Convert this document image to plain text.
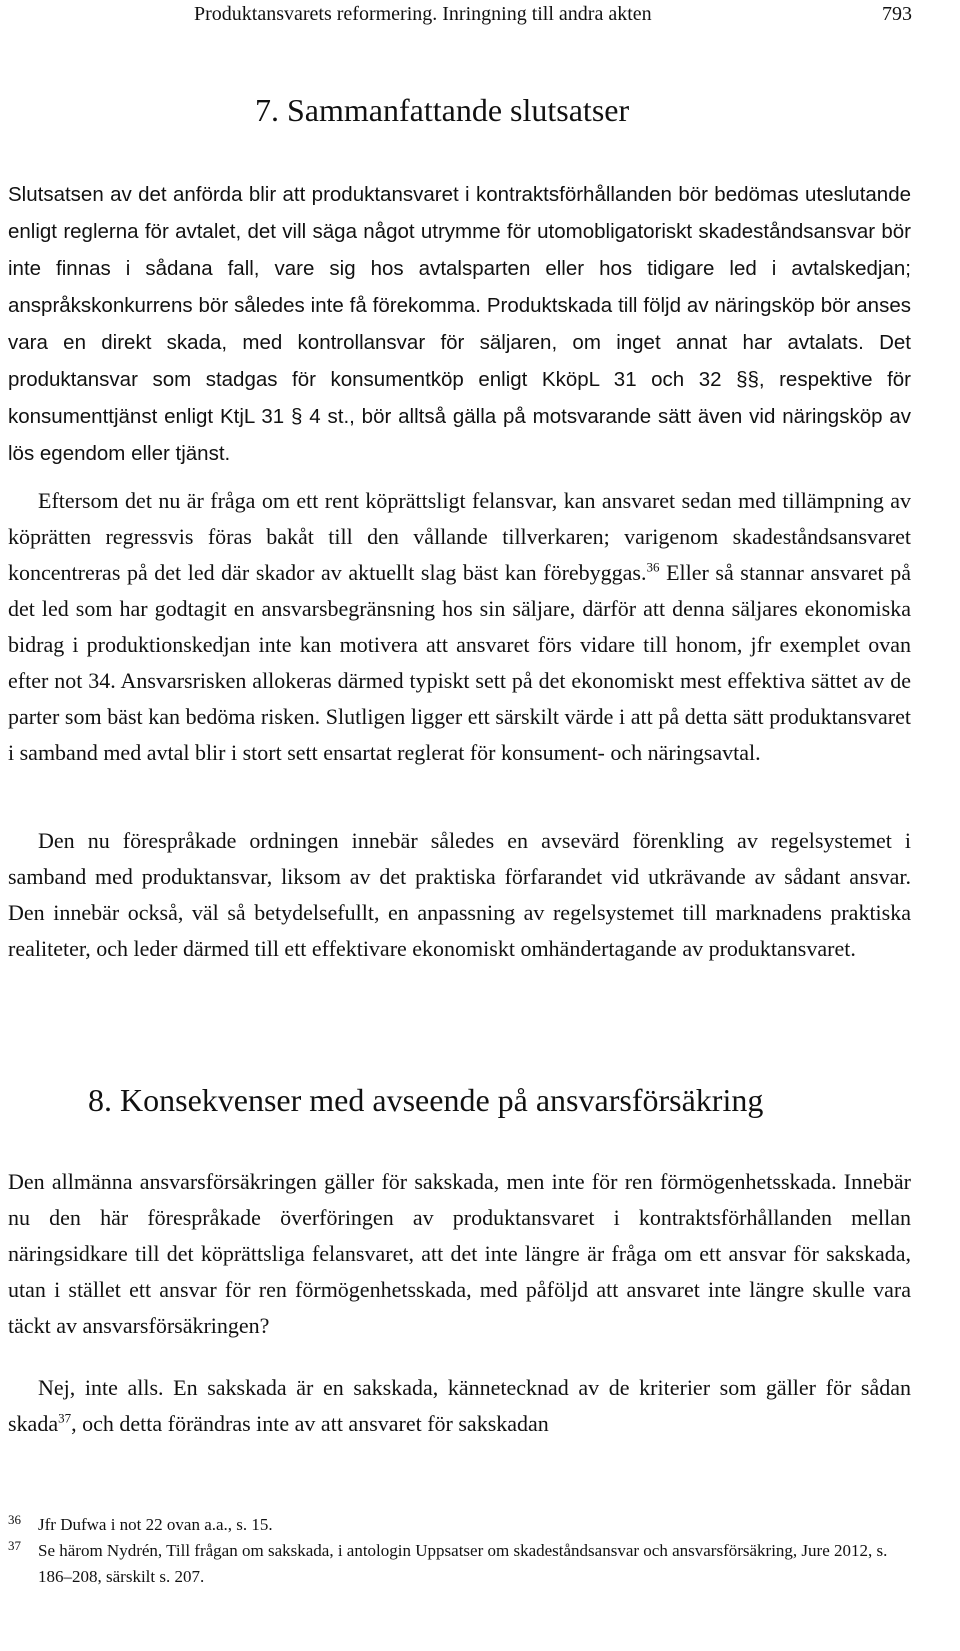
Produktansvarets reformering. Inringning till andra akten	793
7. Sammanfattande slutsatser

Slutsatsen av det anförda blir att produktansvaret i kontraktsförhållanden bör bedömas uteslutande enligt reglerna för avtalet, det vill säga något utrymme för utomobligatoriskt skadeståndsansvar bör inte finnas i sådana fall, vare sig hos avtalsparten eller hos tidigare led i avtalskedjan; anspråkskonkurrens bör således inte få förekomma. Produktskada till följd av näringsköp bör anses vara en direkt skada, med kontrollansvar för säljaren, om inget annat har avtalats. Det produktansvar som stadgas för konsumentköp enligt KköpL 31 och 32 §§, respektive för konsumenttjänst enligt KtjL 31 § 4 st., bör alltså gälla på motsvarande sätt även vid näringsköp av lös egendom eller tjänst.

Eftersom det nu är fråga om ett rent köprättsligt felansvar, kan ansvaret sedan med tillämpning av köprätten regressvis föras bakåt till den vållande tillverkaren; varigenom skadeståndsansvaret koncentreras på det led där skador av aktuellt slag bäst kan förebyggas.$^{36}$ Eller så stannar ansvaret på det led som har godtagit en ansvarsbegränsning hos sin säljare, därför att denna säljares ekonomiska bidrag i produktionskedjan inte kan motivera att ansvaret förs vidare till honom, jfr exemplet ovan efter not 34. Ansvarsrisken allokeras därmed typiskt sett på det ekonomiskt mest effektiva sättet av de parter som bäst kan bedöma risken. Slutligen ligger ett särskilt värde i att på detta sätt produktansvaret i samband med avtal blir i stort sett ensartat reglerat för konsument- och näringsavtal.

Den nu förespråkade ordningen innebär således en avsevärd förenkling av regelsystemet i samband med produktansvar, liksom av det praktiska förfarandet vid utkrävande av sådant ansvar. Den innebär också, väl så betydelsefullt, en anpassning av regelsystemet till marknadens praktiska realiteter, och leder därmed till ett effektivare ekonomiskt omhändertagande av produktansvaret.

8. Konsekvenser med avseende på ansvarsförsäkring

Den allmänna ansvarsförsäkringen gäller för sakskada, men inte för ren förmögenhetsskada. Innebär nu den här förespråkade överföringen av produktansvaret i kontraktsförhållanden mellan näringsidkare till det köprättsliga felansvaret, att det inte längre är fråga om ett ansvar för sakskada, utan i stället ett ansvar för ren förmögenhetsskada, med påföljd att ansvaret inte längre skulle vara täckt av ansvarsförsäkringen?

Nej, inte alls. En sakskada är en sakskada, kännetecknad av de kriterier som gäller för sådan skada$^{37}$, och detta förändras inte av att ansvaret för sakskadan

36	Jfr Dufwa i not 22 ovan a.a., s. 15.
37	Se härom Nydrén, Till frågan om sakskada, i antologin Uppsatser om skadeståndsansvar och ansvarsförsäkring, Jure 2012, s. 186–208, särskilt s. 207.
